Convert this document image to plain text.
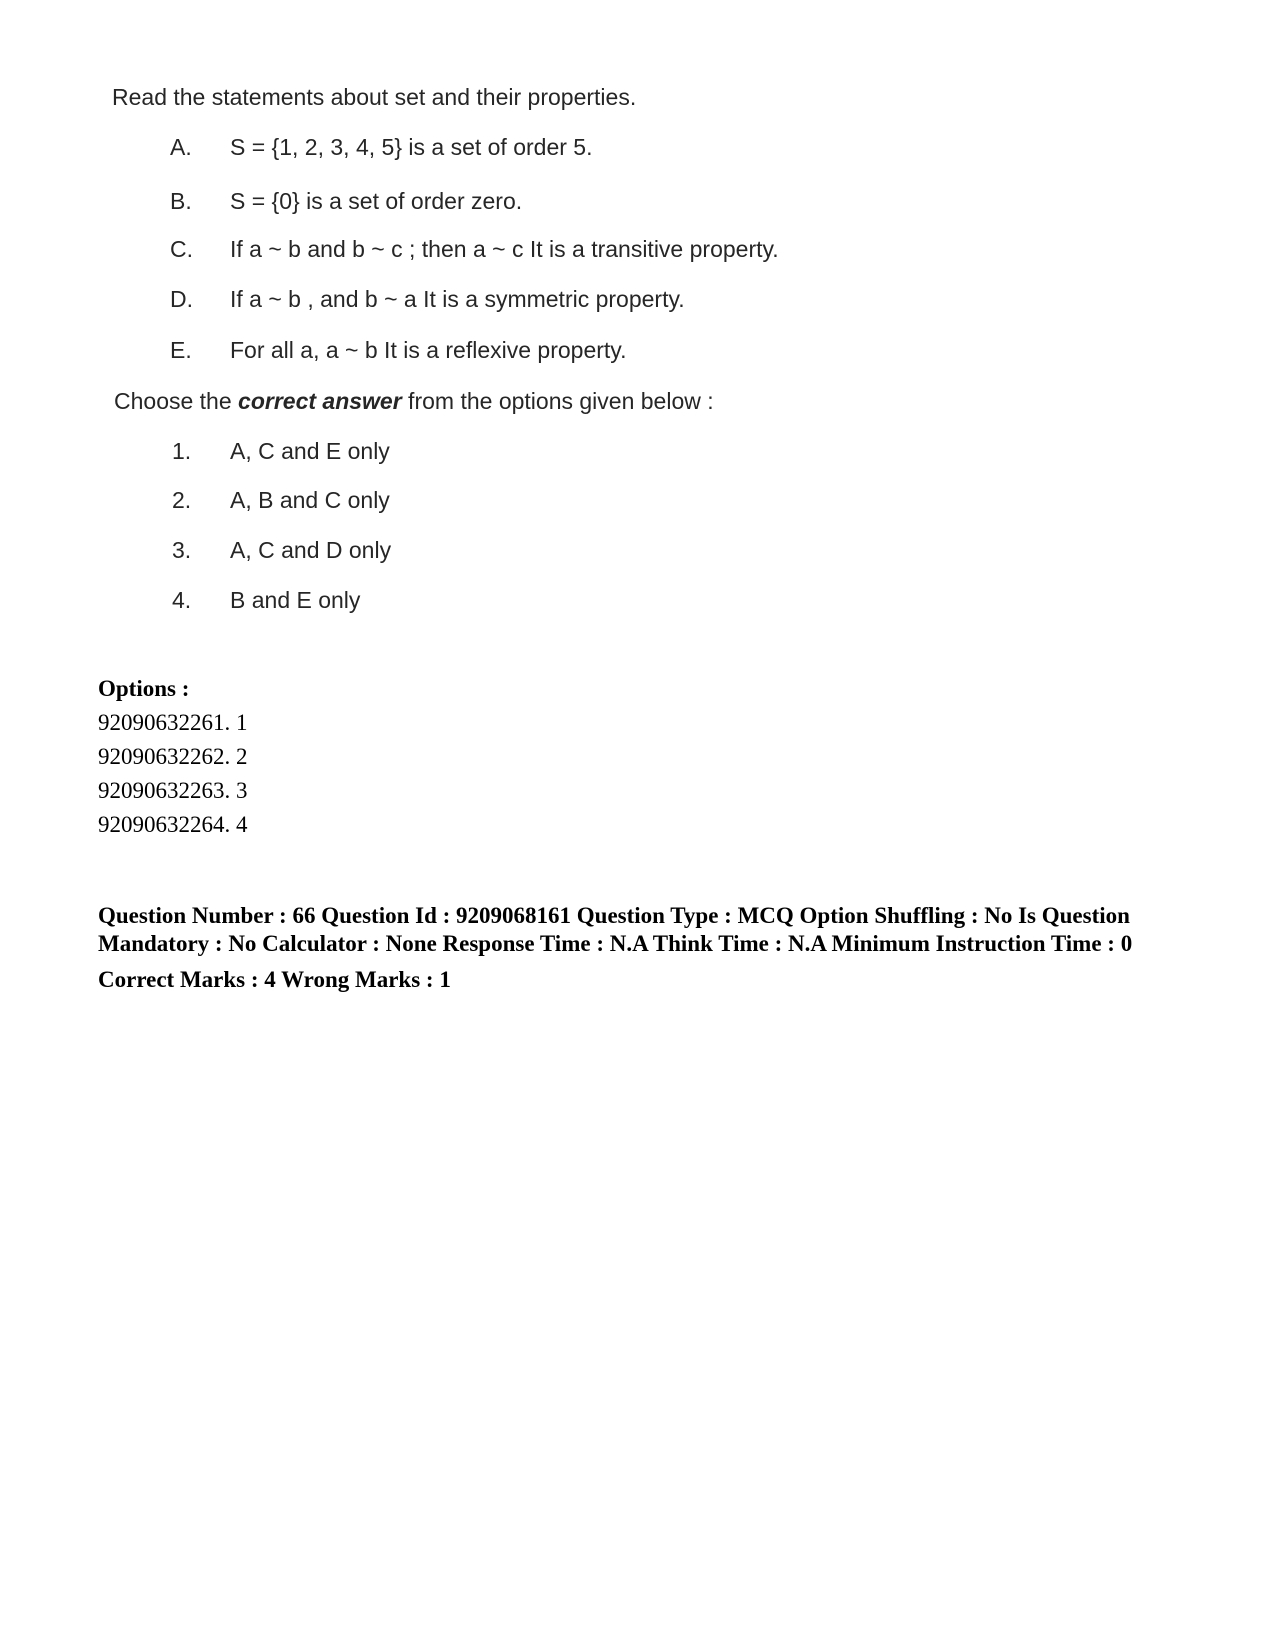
Read the statements about set and their properties.
A.	S = {1, 2, 3, 4, 5} is a set of order 5.
B.	S = {0} is a set of order zero.
C.	If a ~ b and b ~ c ; then a ~ c It is a transitive property.
D.	If a ~ b , and b ~ a It is a symmetric property.
E.	For all a, a ~ b It is a reflexive property.
Choose the correct answer from the options given below :
1.	A, C and E only
2.	A, B and C only
3.	A, C and D only
4.	B and E only
Options :
92090632261. 1
92090632262. 2
92090632263. 3
92090632264. 4
Question Number : 66 Question Id : 9209068161 Question Type : MCQ Option Shuffling : No Is Question Mandatory : No Calculator : None Response Time : N.A Think Time : N.A Minimum Instruction Time : 0
Correct Marks : 4 Wrong Marks : 1
